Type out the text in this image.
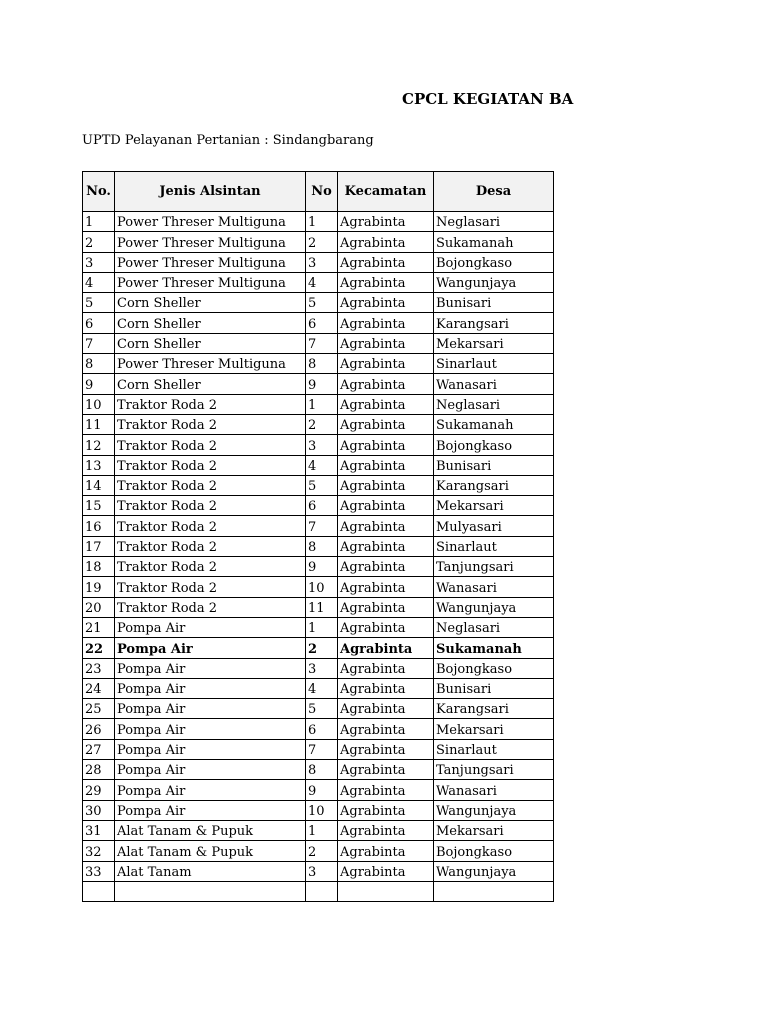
CPCL KEGIATAN BA
UPTD Pelayanan Pertanian : Sindangbarang
No.	Jenis Alsintan	No	Kecamatan	Desa
1	Power Threser Multiguna	1	Agrabinta	Neglasari
2	Power Threser Multiguna	2	Agrabinta	Sukamanah
3	Power Threser Multiguna	3	Agrabinta	Bojongkaso
4	Power Threser Multiguna	4	Agrabinta	Wangunjaya
5	Corn Sheller	5	Agrabinta	Bunisari
6	Corn Sheller	6	Agrabinta	Karangsari
7	Corn Sheller	7	Agrabinta	Mekarsari
8	Power Threser Multiguna	8	Agrabinta	Sinarlaut
9	Corn Sheller	9	Agrabinta	Wanasari
10	Traktor Roda 2	1	Agrabinta	Neglasari
11	Traktor Roda 2	2	Agrabinta	Sukamanah
12	Traktor Roda 2	3	Agrabinta	Bojongkaso
13	Traktor Roda 2	4	Agrabinta	Bunisari
14	Traktor Roda 2	5	Agrabinta	Karangsari
15	Traktor Roda 2	6	Agrabinta	Mekarsari
16	Traktor Roda 2	7	Agrabinta	Mulyasari
17	Traktor Roda 2	8	Agrabinta	Sinarlaut
18	Traktor Roda 2	9	Agrabinta	Tanjungsari
19	Traktor Roda 2	10	Agrabinta	Wanasari
20	Traktor Roda 2	11	Agrabinta	Wangunjaya
21	Pompa Air	1	Agrabinta	Neglasari
22	Pompa Air	2	Agrabinta	Sukamanah
23	Pompa Air	3	Agrabinta	Bojongkaso
24	Pompa Air	4	Agrabinta	Bunisari
25	Pompa Air	5	Agrabinta	Karangsari
26	Pompa Air	6	Agrabinta	Mekarsari
27	Pompa Air	7	Agrabinta	Sinarlaut
28	Pompa Air	8	Agrabinta	Tanjungsari
29	Pompa Air	9	Agrabinta	Wanasari
30	Pompa Air	10	Agrabinta	Wangunjaya
31	Alat Tanam & Pupuk	1	Agrabinta	Mekarsari
32	Alat Tanam & Pupuk	2	Agrabinta	Bojongkaso
33	Alat Tanam	3	Agrabinta	Wangunjaya
